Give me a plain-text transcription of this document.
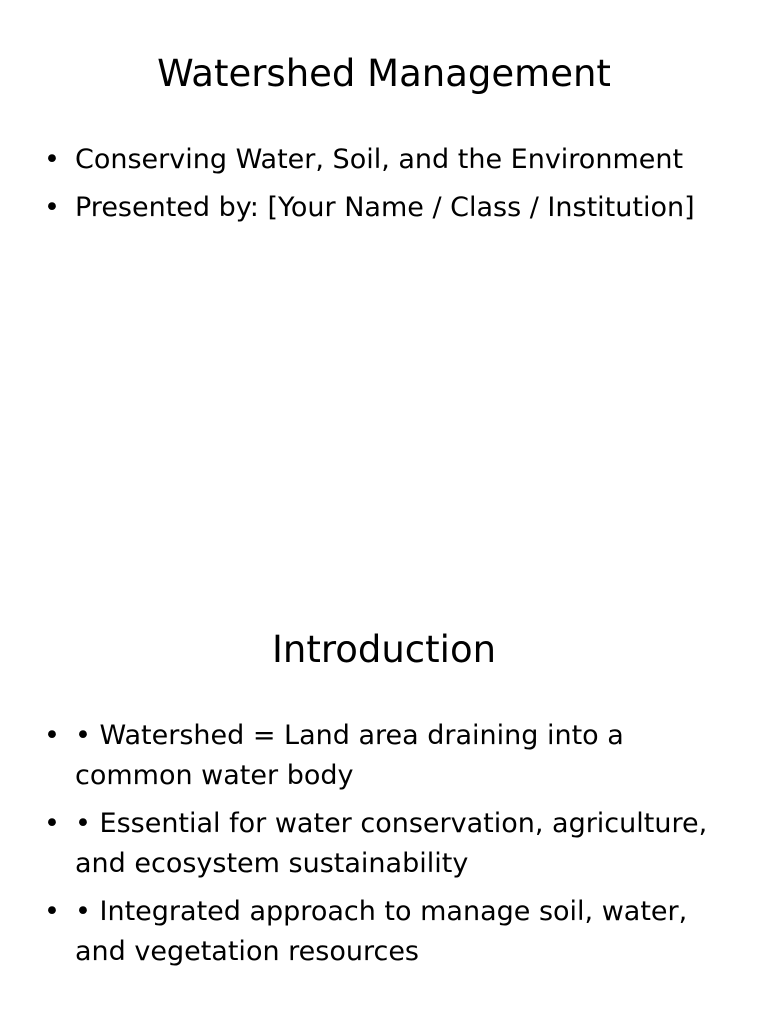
Watershed Management
• Conserving Water, Soil, and the Environment
• Presented by: [Your Name / Class / Institution]
Introduction
• • Watershed = Land area draining into a common water body
• • Essential for water conservation, agriculture, and ecosystem sustainability
• • Integrated approach to manage soil, water, and vegetation resources
